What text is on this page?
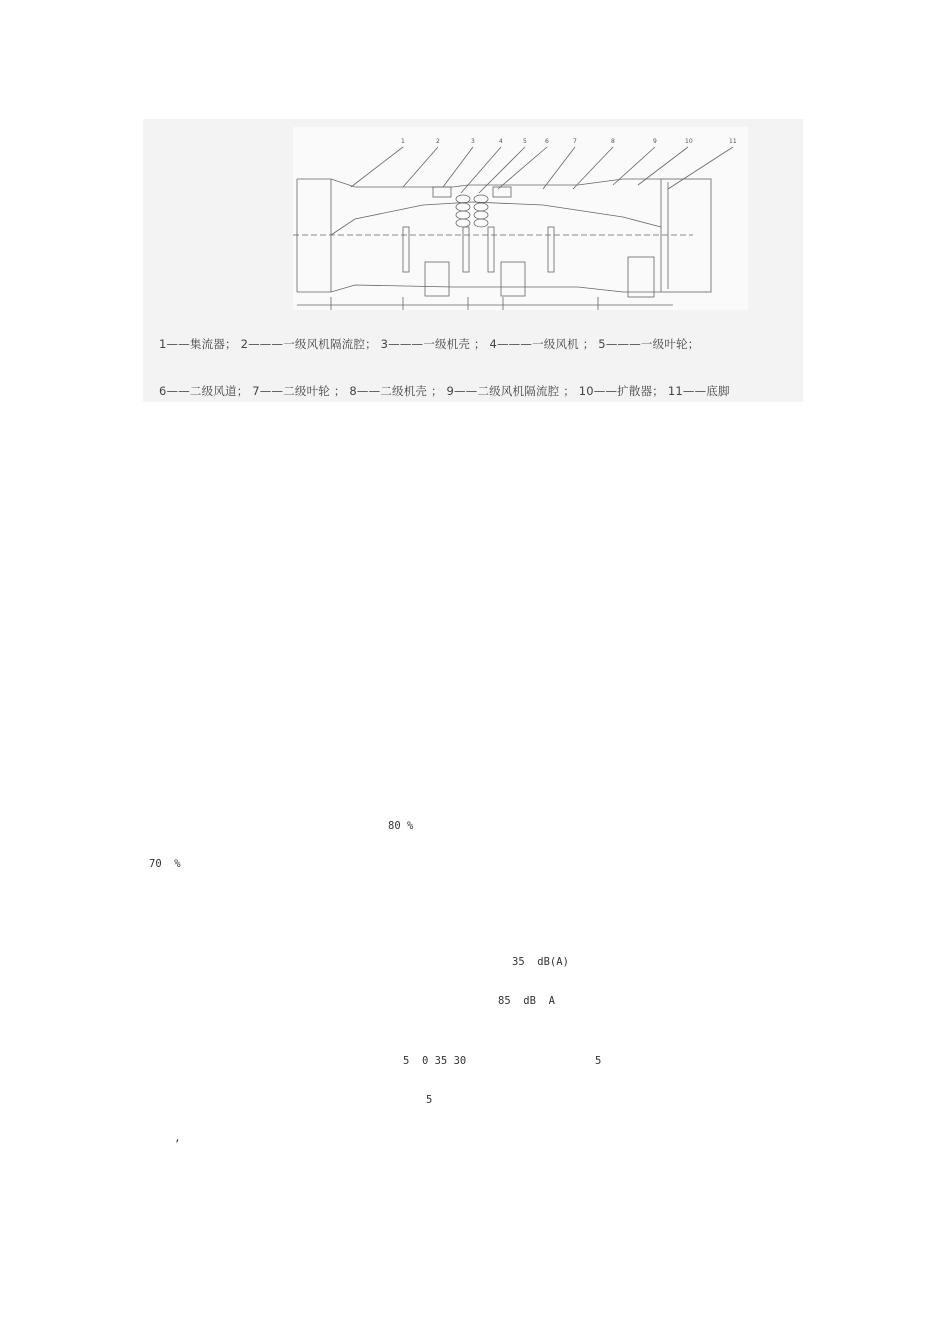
1	2	3	4	5	6	7	8	9	10	11
1——集流器； 2———一级风机隔流腔； 3———一级机壳 ； 4———一级风机 ； 5———一级叶轮；
6——二级风道； 7——二级叶轮 ； 8——二级机壳 ； 9——二级风机隔流腔 ； 10——扩散器； 11——底脚

80 %
70  %

35  dB(A)
85  dB  A

5  0 35 30	5
5
,
